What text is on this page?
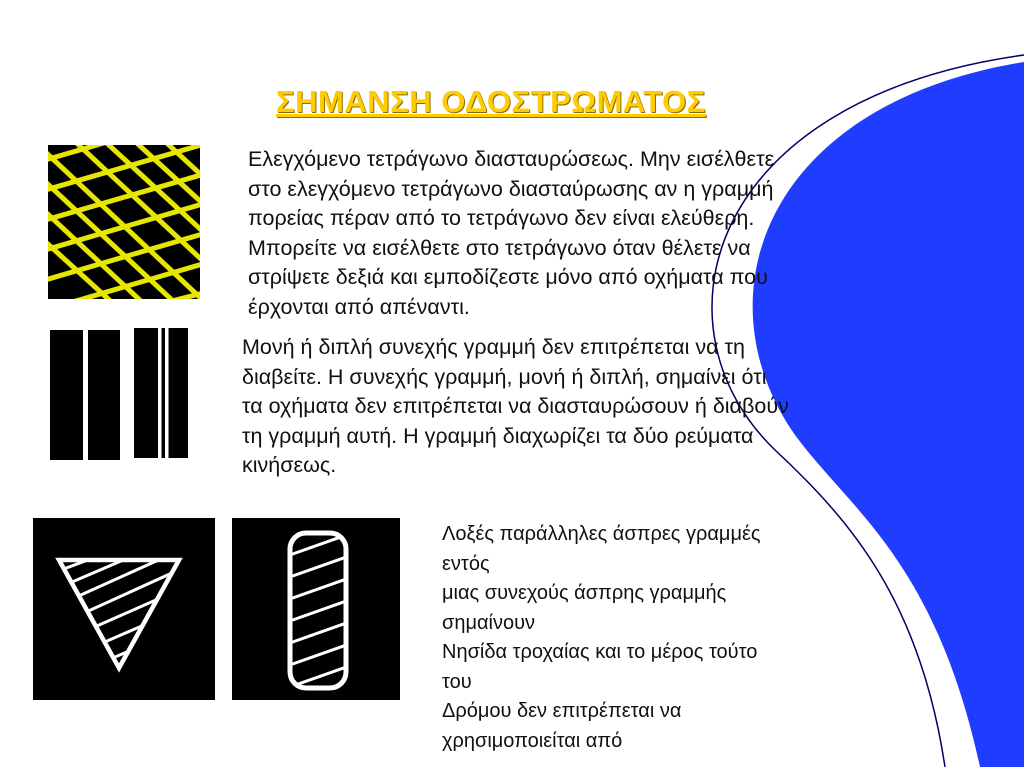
ΣΗΜΑΝΣΗ ΟΔΟΣΤΡΩΜΑΤΟΣ
Ελεγχόμενο τετράγωνο διασταυρώσεως. Μην εισέλθετε
στο ελεγχόμενο τετράγωνο διασταύρωσης αν η γραμμή
πορείας πέραν από το τετράγωνο δεν είναι ελεύθερη.
Μπορείτε να εισέλθετε στο τετράγωνο όταν θέλετε να
στρίψετε δεξιά και εμποδίζεστε μόνο από οχήματα που
έρχονται από απέναντι.
Μονή ή διπλή συνεχής γραμμή δεν επιτρέπεται να τη
διαβείτε. Η συνεχής γραμμή, μονή ή διπλή, σημαίνει ότι
τα οχήματα δεν επιτρέπεται να διασταυρώσουν ή διαβούν
τη γραμμή αυτή. Η γραμμή διαχωρίζει τα δύο ρεύματα
κινήσεως.
Λοξές παράλληλες άσπρες γραμμές
εντός
μιας συνεχούς άσπρης γραμμής
σημαίνουν
Νησίδα τροχαίας και το μέρος τούτο
του
Δρόμου δεν επιτρέπεται να
χρησιμοποιείται από
